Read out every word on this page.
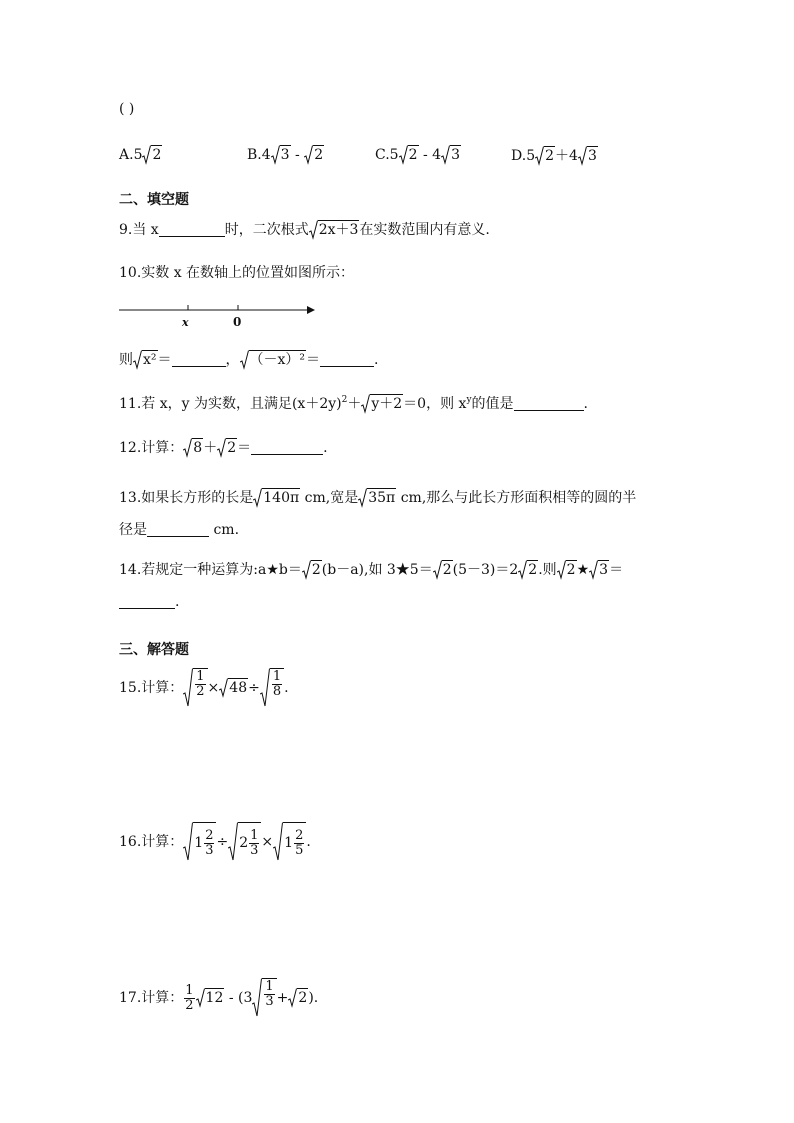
( )
A.5 2	B.4 3 - 2	C.5 2 - 4 3	D.5 2 ＋4 3
二、填空题
9.当 x	时，二次根式 2x＋3 在实数范围内有意义.
10.实数 x 在数轴上的位置如图所示：
x	0
则 x² ＝	， （－x）² ＝	.
11.若 x，y 为实数，且满足$(x+2y)^2+ y+2 =0$，则 $x^y$的值是	.
12.计算： 8 ＋ 2 ＝	.
13.如果长方形的长是 140π cm,宽是 35π cm,那么与此长方形面积相等的圆的半
径是	cm.
14.若规定一种运算为:a★b＝ 2 (b－a),如 3★5＝ 2 (5－3)＝2 2 .则 2 ★ 3 ＝
.
三、解答题
15.计算： $\frac{1}{2} \times 48 \div \frac{1}{8}$ .
16.计算： $1 \frac{2}{3} \div 2 \frac{1}{3} \times 1 \frac{2}{5}$ .
17.计算： $\frac{1}{2} 12 - (3 \frac{1}{3} + 2$ ).
